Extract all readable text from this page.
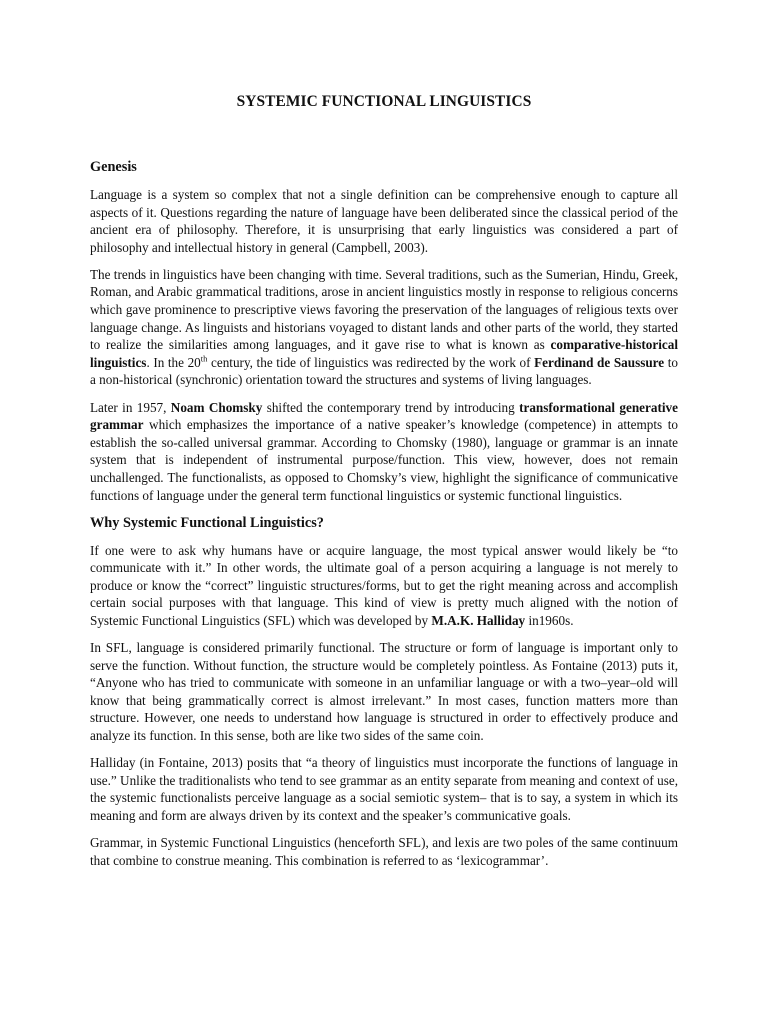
SYSTEMIC FUNCTIONAL LINGUISTICS
Genesis

Language is a system so complex that not a single definition can be comprehensive enough to capture all aspects of it. Questions regarding the nature of language have been deliberated since the classical period of the ancient era of philosophy. Therefore, it is unsurprising that early linguistics was considered a part of philosophy and intellectual history in general (Campbell, 2003).

The trends in linguistics have been changing with time. Several traditions, such as the Sumerian, Hindu, Greek, Roman, and Arabic grammatical traditions, arose in ancient linguistics mostly in response to religious concerns which gave prominence to prescriptive views favoring the preservation of the languages of religious texts over language change. As linguists and historians voyaged to distant lands and other parts of the world, they started to realize the similarities among languages, and it gave rise to what is known as comparative-historical linguistics. In the 20th century, the tide of linguistics was redirected by the work of Ferdinand de Saussure to a non-historical (synchronic) orientation toward the structures and systems of living languages.

Later in 1957, Noam Chomsky shifted the contemporary trend by introducing transformational generative grammar which emphasizes the importance of a native speaker’s knowledge (competence) in attempts to establish the so-called universal grammar. According to Chomsky (1980), language or grammar is an innate system that is independent of instrumental purpose/function. This view, however, does not remain unchallenged. The functionalists, as opposed to Chomsky’s view, highlight the significance of communicative functions of language under the general term functional linguistics or systemic functional linguistics.

Why Systemic Functional Linguistics?

If one were to ask why humans have or acquire language, the most typical answer would likely be “to communicate with it.” In other words, the ultimate goal of a person acquiring a language is not merely to produce or know the “correct” linguistic structures/forms, but to get the right meaning across and accomplish certain social purposes with that language. This kind of view is pretty much aligned with the notion of Systemic Functional Linguistics (SFL) which was developed by M.A.K. Halliday in1960s.

In SFL, language is considered primarily functional. The structure or form of language is important only to serve the function. Without function, the structure would be completely pointless. As Fontaine (2013) puts it, “Anyone who has tried to communicate with someone in an unfamiliar language or with a two–year–old will know that being grammatically correct is almost irrelevant.” In most cases, function matters more than structure. However, one needs to understand how language is structured in order to effectively produce and analyze its function. In this sense, both are like two sides of the same coin.

Halliday (in Fontaine, 2013) posits that “a theory of linguistics must incorporate the functions of language in use.” Unlike the traditionalists who tend to see grammar as an entity separate from meaning and context of use, the systemic functionalists perceive language as a social semiotic system– that is to say, a system in which its meaning and form are always driven by its context and the speaker’s communicative goals.

Grammar, in Systemic Functional Linguistics (henceforth SFL), and lexis are two poles of the same continuum that combine to construe meaning. This combination is referred to as ‘lexicogrammar’.
